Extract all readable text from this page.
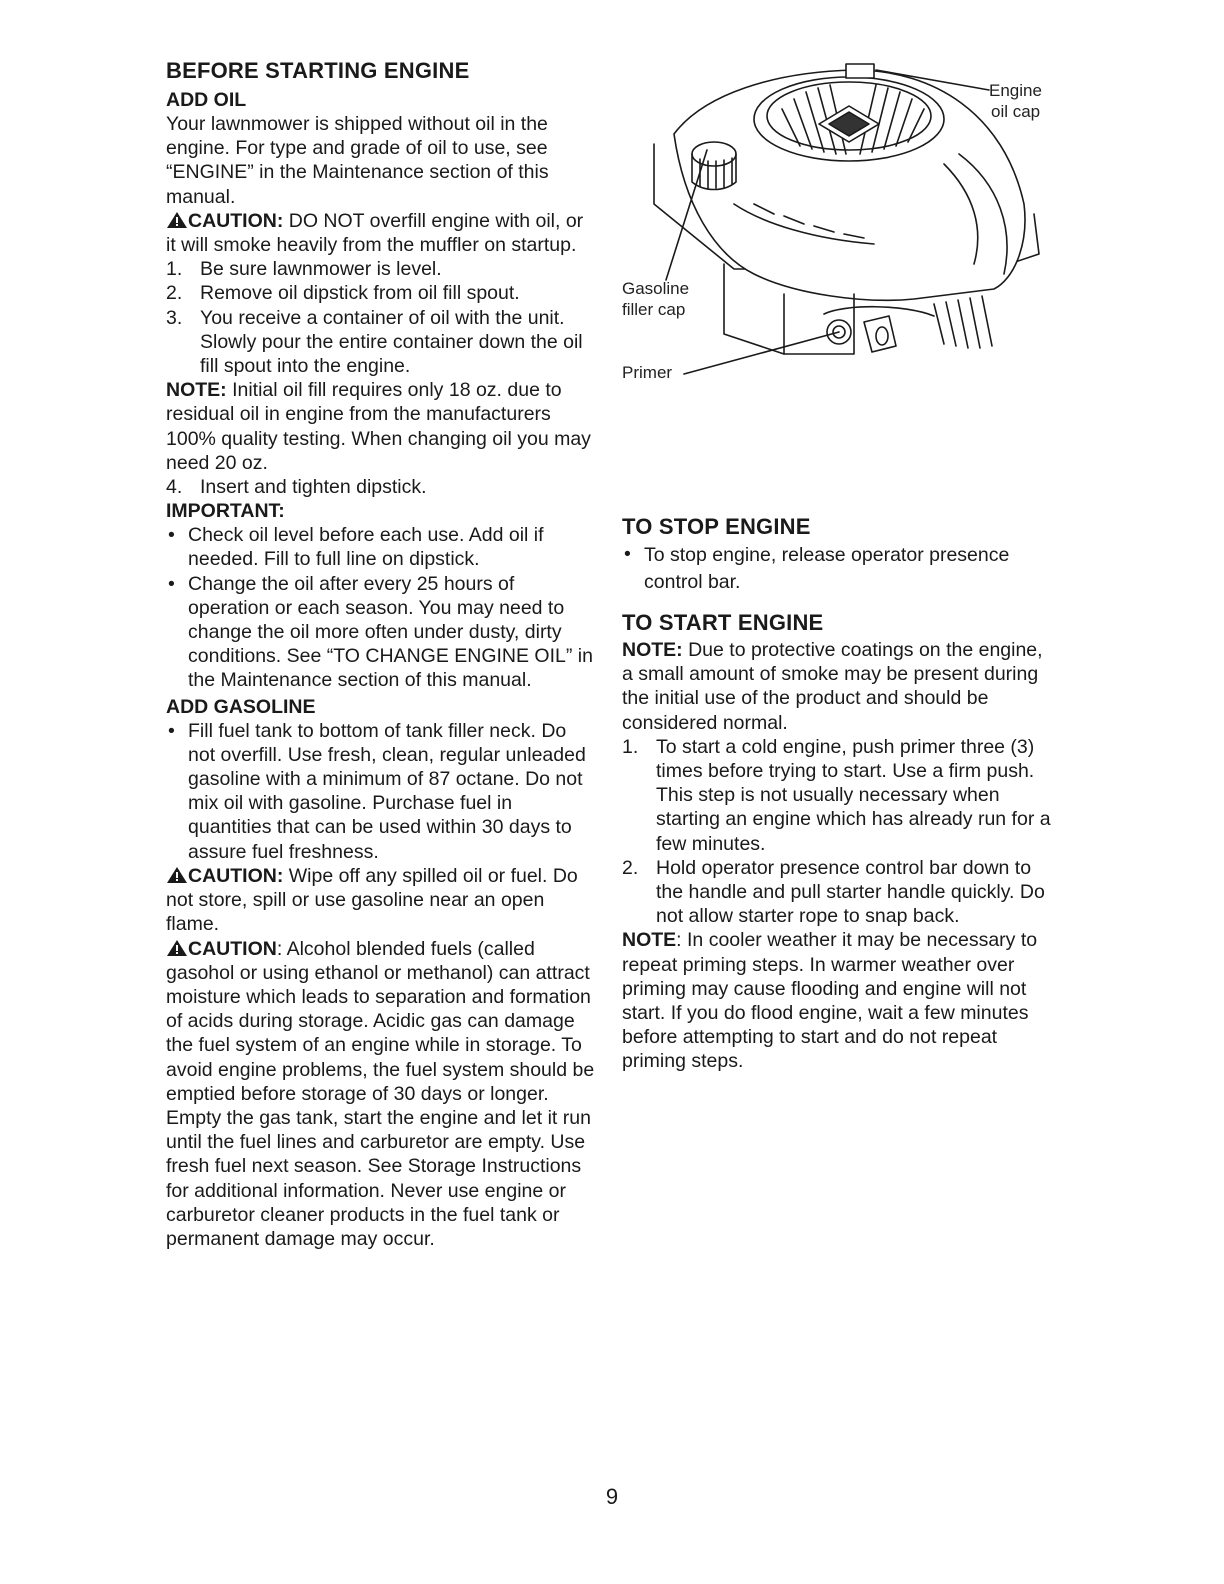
BEFORE STARTING ENGINE
ADD OIL

Your lawnmower is shipped without oil in the engine. For type and grade of oil to use, see “ENGINE” in the Maintenance section of this manual.

CAUTION: DO NOT overfill engine with oil, or it will smoke heavily from the muffler on startup.

1. Be sure lawnmower is level.
2. Remove oil dipstick from oil fill spout.
3. You receive a container of oil with the unit. Slowly pour the entire container down the oil fill spout into the engine.

NOTE: Initial oil fill requires only 18 oz. due to residual oil in engine from the manufacturers 100% quality testing. When changing oil you may need 20 oz.

4. Insert and tighten dipstick.
IMPORTANT:
• Check oil level before each use. Add oil if needed. Fill to full line on dipstick.
• Change the oil after every 25 hours of operation or each season. You may need to change the oil more often under dusty, dirty conditions. See “TO CHANGE ENGINE OIL” in the Maintenance section of this manual.
ADD GASOLINE
• Fill fuel tank to bottom of tank filler neck. Do not overfill. Use fresh, clean, regular unleaded gasoline with a minimum of 87 octane. Do not mix oil with gasoline. Purchase fuel in quantities that can be used within 30 days to assure fuel freshness.

CAUTION: Wipe off any spilled oil or fuel. Do not store, spill or use gasoline near an open flame.

CAUTION: Alcohol blended fuels (called gasohol or using ethanol or methanol) can attract moisture which leads to separation and formation of acids during storage. Acidic gas can damage the fuel system of an engine while in storage. To avoid engine problems, the fuel system should be emptied before storage of 30 days or longer. Empty the gas tank, start the engine and let it run until the fuel lines and carburetor are empty. Use fresh fuel next season. See Storage Instructions for additional information. Never use engine or carburetor cleaner products in the fuel tank or permanent damage may occur.

Engine
oil cap
Gasoline
filler cap
Primer
TO STOP ENGINE
• To stop engine, release operator presence control bar.
TO START ENGINE

NOTE: Due to protective coatings on the engine, a small amount of smoke may be present during the initial use of the product and should be considered normal.

1. To start a cold engine, push primer three (3) times before trying to start. Use a firm push. This step is not usually necessary when starting an engine which has already run for a few minutes.
2. Hold operator presence control bar down to the handle and pull starter handle quickly. Do not allow starter rope to snap back.

NOTE: In cooler weather it may be necessary to repeat priming steps. In warmer weather over priming may cause flooding and engine will not start. If you do flood engine, wait a few minutes before attempting to start and do not repeat priming steps.

9
